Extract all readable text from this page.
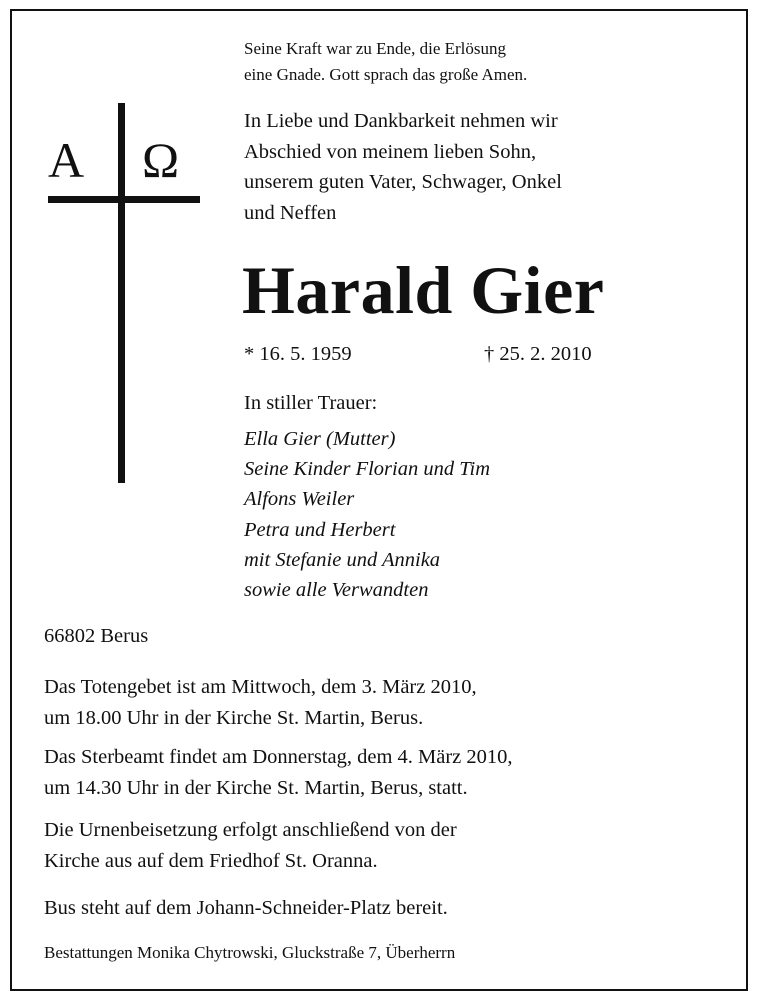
A Ω
Seine Kraft war zu Ende, die Erlösung
eine Gnade. Gott sprach das große Amen.
In Liebe und Dankbarkeit nehmen wir
Abschied von meinem lieben Sohn,
unserem guten Vater, Schwager, Onkel
und Neffen
Harald Gier
* 16. 5. 1959	† 25. 2. 2010
In stiller Trauer:
Ella Gier (Mutter)
Seine Kinder Florian und Tim
Alfons Weiler
Petra und Herbert
mit Stefanie und Annika
sowie alle Verwandten
66802 Berus
Das Totengebet ist am Mittwoch, dem 3. März 2010,
um 18.00 Uhr in der Kirche St. Martin, Berus.
Das Sterbeamt findet am Donnerstag, dem 4. März 2010,
um 14.30 Uhr in der Kirche St. Martin, Berus, statt.
Die Urnenbeisetzung erfolgt anschließend von der
Kirche aus auf dem Friedhof St. Oranna.
Bus steht auf dem Johann-Schneider-Platz bereit.
Bestattungen Monika Chytrowski, Gluckstraße 7, Überherrn
